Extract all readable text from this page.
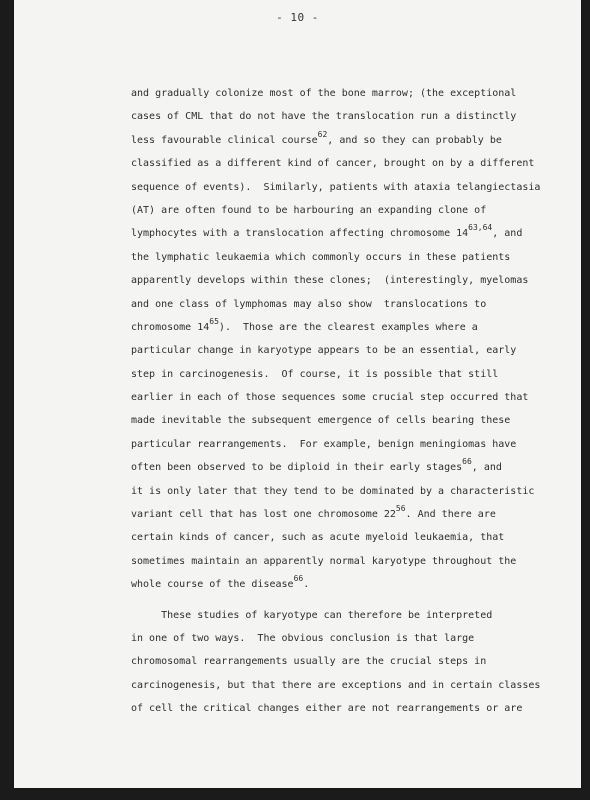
- 10 -
and gradually colonize most of the bone marrow; (the exceptional
cases of CML that do not have the translocation run a distinctly
less favourable clinical course$^{62}$, and so they can probably be
classified as a different kind of cancer, brought on by a different
sequence of events).  Similarly, patients with ataxia telangiectasia
(AT) are often found to be harbouring an expanding clone of
lymphocytes with a translocation affecting chromosome 14$^{63,64}$, and
the lymphatic leukaemia which commonly occurs in these patients
apparently develops within these clones;  (interestingly, myelomas
and one class of lymphomas may also show  translocations to
chromosome $14^{65}$).  Those are the clearest examples where a
particular change in karyotype appears to be an essential, early
step in carcinogenesis.  Of course, it is possible that still
earlier in each of those sequences some crucial step occurred that
made inevitable the subsequent emergence of cells bearing these
particular rearrangements.  For example, benign meningiomas have
often been observed to be diploid in their early stages$^{66}$, and
it is only later that they tend to be dominated by a characteristic
variant cell that has lost one chromosome $22^{56}$. And there are
certain kinds of cancer, such as acute myeloid leukaemia, that
sometimes maintain an apparently normal karyotype throughout the
whole course of the disease$^{66}$.
These studies of karyotype can therefore be interpreted
in one of two ways.  The obvious conclusion is that large
chromosomal rearrangements usually are the crucial steps in
carcinogenesis, but that there are exceptions and in certain classes
of cell the critical changes either are not rearrangements or are
